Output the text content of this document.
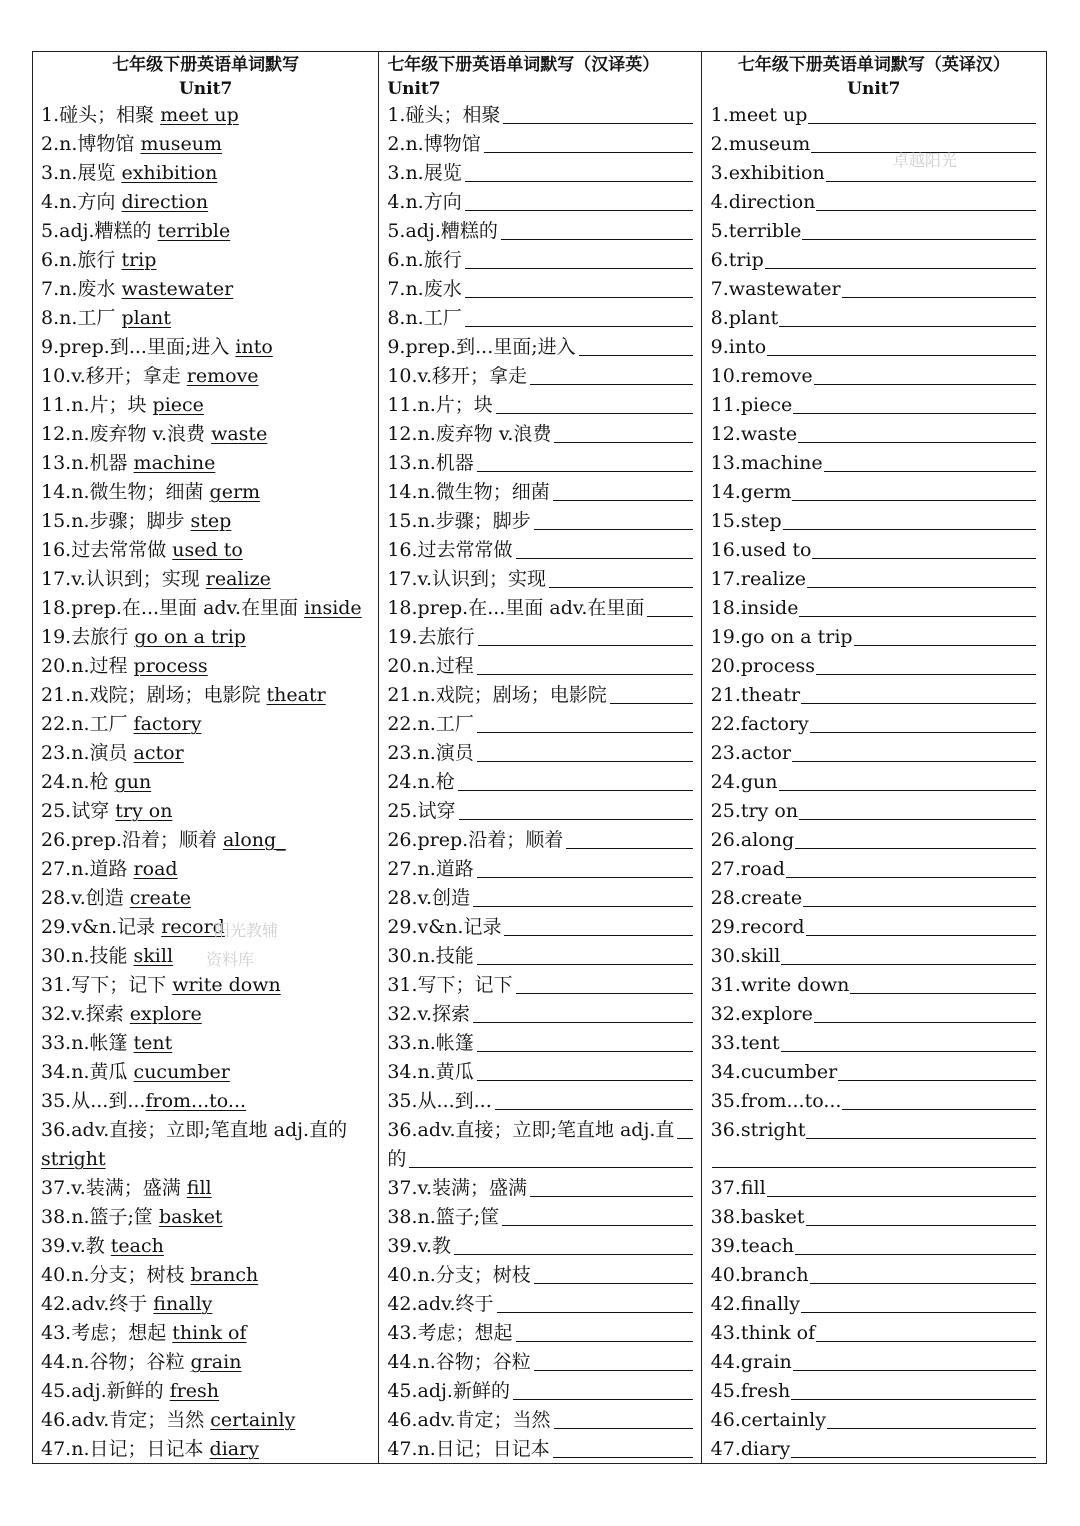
七年级下册英语单词默写
Unit7
1.碰头；相聚 meet up
2.n.博物馆 museum
3.n.展览 exhibition
4.n.方向 direction
5.adj.糟糕的 terrible
6.n.旅行 trip
7.n.废水 wastewater
8.n.工厂 plant
9.prep.到...里面;进入 into
10.v.移开；拿走 remove
11.n.片；块 piece
12.n.废弃物 v.浪费 waste
13.n.机器 machine
14.n.微生物；细菌 germ
15.n.步骤；脚步 step
16.过去常常做 used to
17.v.认识到；实现 realize
18.prep.在...里面 adv.在里面 inside
19.去旅行 go on a trip
20.n.过程 process
21.n.戏院；剧场；电影院 theatr
22.n.工厂 factory
23.n.演员 actor
24.n.枪 gun
25.试穿 try on
26.prep.沿着；顺着 along_
27.n.道路 road
28.v.创造 create
29.v&n.记录 record
30.n.技能 skill
31.写下；记下 write down
32.v.探索 explore
33.n.帐篷 tent
34.n.黄瓜 cucumber
35.从...到...from...to...
36.adv.直接；立即;笔直地 adj.直的
stright
37.v.装满；盛满 fill
38.n.篮子;筐 basket
39.v.教 teach
40.n.分支；树枝 branch
42.adv.终于 finally
43.考虑；想起 think of
44.n.谷物；谷粒 grain
45.adj.新鲜的 fresh
46.adv.肯定；当然 certainly
47.n.日记；日记本 diary
七年级下册英语单词默写（汉译英）
Unit7
1.碰头；相聚
2.n.博物馆
3.n.展览
4.n.方向
5.adj.糟糕的
6.n.旅行
7.n.废水
8.n.工厂
9.prep.到...里面;进入
10.v.移开；拿走
11.n.片；块
12.n.废弃物 v.浪费
13.n.机器
14.n.微生物；细菌
15.n.步骤；脚步
16.过去常常做
17.v.认识到；实现
18.prep.在...里面 adv.在里面
19.去旅行
20.n.过程
21.n.戏院；剧场；电影院
22.n.工厂
23.n.演员
24.n.枪
25.试穿
26.prep.沿着；顺着
27.n.道路
28.v.创造
29.v&n.记录
30.n.技能
31.写下；记下
32.v.探索
33.n.帐篷
34.n.黄瓜
35.从...到...
36.adv.直接；立即;笔直地 adj.直
的
37.v.装满；盛满
38.n.篮子;筐
39.v.教
40.n.分支；树枝
42.adv.终于
43.考虑；想起
44.n.谷物；谷粒
45.adj.新鲜的
46.adv.肯定；当然
47.n.日记；日记本
七年级下册英语单词默写（英译汉）
Unit7
1.meet up
2.museum
3.exhibition
4.direction
5.terrible
6.trip
7.wastewater
8.plant
9.into
10.remove
11.piece
12.waste
13.machine
14.germ
15.step
16.used to
17.realize
18.inside
19.go on a trip
20.process
21.theatr
22.factory
23.actor
24.gun
25.try on
26.along
27.road
28.create
29.record
30.skill
31.write down
32.explore
33.tent
34.cucumber
35.from...to...
36.stright
37.fill
38.basket
39.teach
40.branch
42.finally
43.think of
44.grain
45.fresh
46.certainly
47.diary
卓越阳光
阳光教辅
资料库
